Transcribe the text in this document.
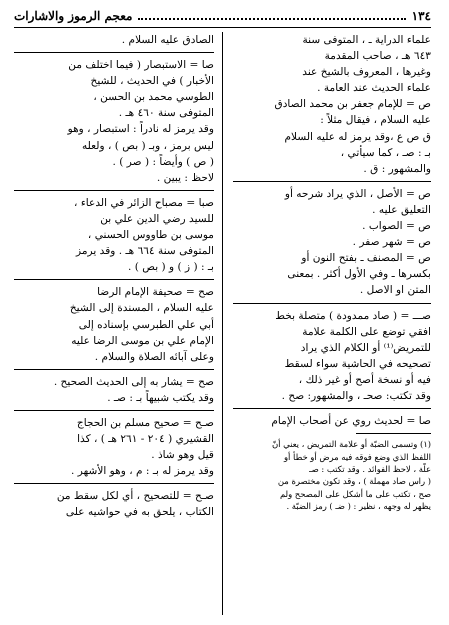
١٣٤
معجم الرموز والاشارات
علماء الدراية ـ ، المتوفى سنة
٦٤٣ هـ ، صاحب المقدمة
وغيرها ، المعروف بالشيخ عند
علماء الحديث عند العامة .
ص = للإمام جعفر بن محمد الصادق
عليه السلام ، فيقال مثلاً :
ق ص ع ،وقد يرمز له عليه السلام
بـ : صـ ، كما سيأتي ،
والمشهور : ق .
ص = الأصل ، الذي يراد شرحه أو
التعليق عليه .
ص = الصواب .
ص = شهر صفر .
ص = المصنف ـ بفتح النون أو
بكسرها ـ وفي الأول أكثر . بمعنى
المتن او الاصل .
صـــ = ( صاد ممدودة ) متصلة بخط
افقي توضع على الكلمة علامة
للتمريض⁽¹⁾ أو الكلام الذي يراد
تصحيحه في الحاشية سواء لسقط
فيه أو نسخة أصح أو غير ذلك ،
وقد تكتب: صحـ ، والمشهور: صح .
صا = لحديث روي عن أصحاب الإمام
(١) وتسمى الضبّة أو علامة التمريض ، يعني أنّ
اللفظ الذي وضع فوقه فيه مرض أو خطأ أو
علّة ، لاحظ الفوائد . وقد تكتب : صـ
( راس صاد مهملة ) ، وقد تكون مختصرة من
صح ، تكتب على ما أشكل على المصحح ولم
يظهر له وجهه ، نظير : ( ضـ ) رمز الضبّة .
الصادق عليه السلام .
صا = الاستبصار ( فيما اختلف من
الأخبار ) في الحديث ، للشيخ
الطوسي محمد بن الحسن ،
المتوفى سنة ٤٦٠ هـ .
وقد يرمز له نادراً : استبصار ، وهو
ليس برمز ، وبـ ( بص ) ، ولعله
( ص ) وأيضاً : ( صر ) .
لاحظ : يبين .
صبا = مصباح الزائر في الدعاء ،
للسيد رضي الدين علي بن
موسى بن طاووس الحسني ،
المتوفى سنة ٦٦٤ هـ . وقد يرمز
بـ : ( ز ) و ( بص ) .
صح = صحيفة الإمام الرضا
عليه السلام ، المسندة إلى الشيخ
أبي علي الطبرسي بإسناده إلى
الإمام علي بن موسى الرضا عليه
وعلى آبائه الصلاة والسلام .
صح = يشار به إلى الحديث الصحيح .
وقد يكتب شبيهاً بـ : صـ .
صـح = صحيح مسلم بن الحجاج
القشيري ( ٢٠٤ - ٢٦١ هـ ) ، كذا
قيل وهو شاذ .
وقد يرمز له بـ : م ، وهو الأشهر .
صـح = للتصحيح ، أي لكل سقط من
الكتاب ، يلحق به في حواشيه على
